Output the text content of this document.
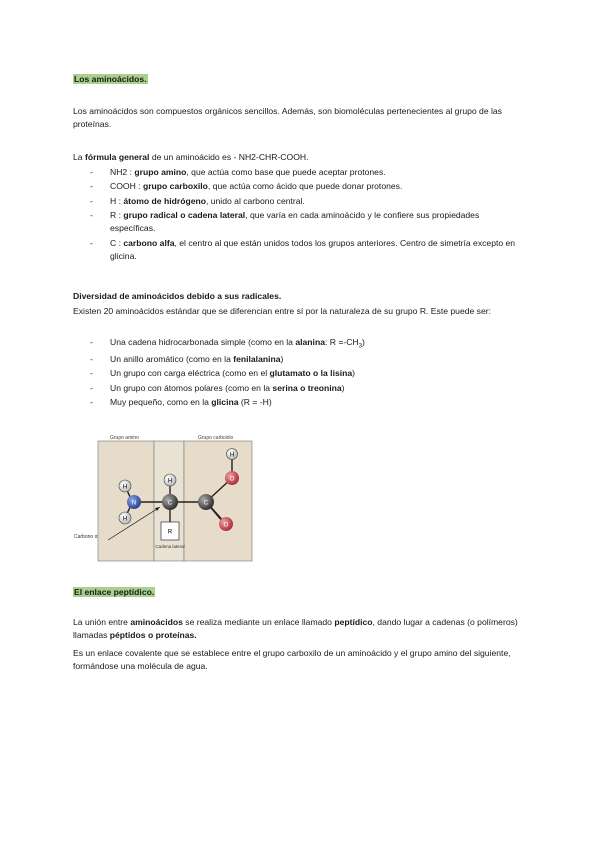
Los aminoácidos.
Los aminoácidos son compuestos orgánicos sencillos. Además, son biomoléculas pertenecientes al grupo de las proteínas.
La fórmula general de un aminoácido es - NH2-CHR-COOH.
- NH2 : grupo amino, que actúa como base que puede aceptar protones.
- COOH : grupo carboxilo, que actúa como ácido que puede donar protones.
- H : átomo de hidrógeno, unido al carbono central.
- R : grupo radical o cadena lateral, que varía en cada aminoácido y le confiere sus propiedades específicas.
- C : carbono alfa, el centro al que están unidos todos los grupos anteriores. Centro de simetría excepto en glicina.
Diversidad de aminoácidos debido a sus radicales.
Existen 20 aminoácidos estándar que se diferencian entre sí por la naturaleza de su grupo R. Este puede ser:
- Una cadena hidrocarbonada simple (como en la alanina: $R =-CH_3$)
- Un anillo aromático (como en la fenilalanina)
- Un grupo con carga eléctrica (como en el glutamato o la lisina)
- Un grupo con átomos polares (como en la serina o treonina)
- Muy pequeño, como en la glicina (R = -H)
Grupo amino	Grupo carboxilo
H
H
N
H
C	C
O
O
H
R
Cadena lateral
Carbono α
El enlace peptídico.
La unión entre aminoácidos se realiza mediante un enlace llamado peptídico, dando lugar a cadenas (o polímeros) llamadas péptidos o proteínas.
Es un enlace covalente que se establece entre el grupo carboxilo de un aminoácido y el grupo amino del siguiente, formándose una molécula de agua.
